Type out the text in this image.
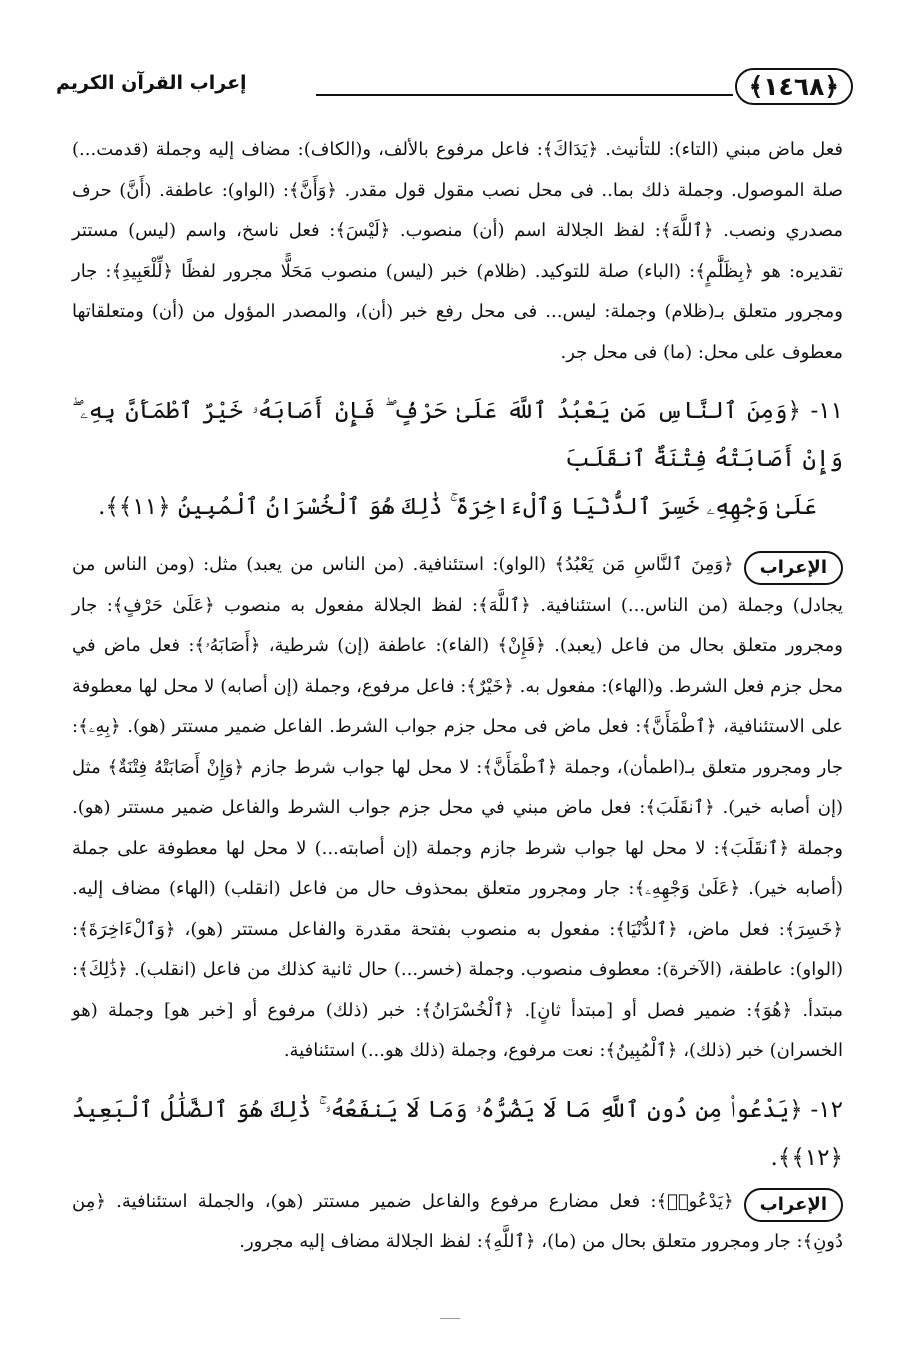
﴿١٤٦٨﴾
إعراب القرآن الكريم

فعل ماض مبني (التاء): للتأنيث. ﴿يَدَاكَ﴾: فاعل مرفوع بالألف، و(الكاف): مضاف إليه وجملة (قدمت...) صلة الموصول. وجملة ذلك بما.. فى محل نصب مقول قول مقدر. ﴿وَأَنَّ﴾: (الواو): عاطفة. (أَنَّ) حرف مصدري ونصب. ﴿ٱللَّهَ﴾: لفظ الجلالة اسم (أن) منصوب. ﴿لَيْسَ﴾: فعل ناسخ، واسم (ليس) مستتر تقديره: هو ﴿بِظَلَّٰمٍ﴾: (الباء) صلة للتوكيد. (ظلام) خبر (ليس) منصوب مَحَلًّا مجرور لفظًا ﴿لِّلْعَبِيدِ﴾: جار ومجرور متعلق بـ(ظلام) وجملة: ليس... فى محل رفع خبر (أن)، والمصدر المؤول من (أن) ومتعلقاتها معطوف على محل: (ما) فى محل جر.

١١- ﴿وَمِنَ ٱلنَّاسِ مَن يَعْبُدُ ٱللَّهَ عَلَىٰ حَرْفٍۢ ۖ فَإِنْ أَصَابَهُۥ خَيْرٌ ٱطْمَأَنَّ بِهِۦ ۖ وَإِنْ أَصَابَتْهُ فِتْنَةٌ ٱنقَلَبَ

عَلَىٰ وَجْهِهِۦ خَسِرَ ٱلدُّنْيَا وَٱلْءَاخِرَةَ ۚ ذَٰلِكَ هُوَ ٱلْخُسْرَانُ ٱلْمُبِينُ ﴿١١﴾﴾.

الإعراب
﴿وَمِنَ ٱلنَّاسِ مَن يَعْبُدُ﴾ (الواو): استئنافية. (من الناس من يعبد) مثل: (ومن الناس من يجادل) وجملة (من الناس...) استئنافية. ﴿ٱللَّهَ﴾: لفظ الجلالة مفعول به منصوب ﴿عَلَىٰ حَرْفٍ﴾: جار ومجرور متعلق بحال من فاعل (يعبد). ﴿فَإِنْ﴾ (الفاء): عاطفة (إن) شرطية، ﴿أَصَابَهُۥ﴾: فعل ماض في محل جزم فعل الشرط. و(الهاء): مفعول به. ﴿خَيْرٌ﴾: فاعل مرفوع، وجملة (إن أصابه) لا محل لها معطوفة على الاستئنافية، ﴿ٱطْمَأَنَّ﴾: فعل ماض فى محل جزم جواب الشرط. الفاعل ضمير مستتر (هو). ﴿بِهِۦ﴾: جار ومجرور متعلق بـ(اطمأن)، وجملة ﴿ٱطْمَأَنَّ﴾: لا محل لها جواب شرط جازم ﴿وَإِنْ أَصَابَتْهُ فِتْنَةٌ﴾ مثل (إن أصابه خير). ﴿ٱنقَلَبَ﴾: فعل ماض مبني في محل جزم جواب الشرط والفاعل ضمير مستتر (هو). وجملة ﴿ٱنقَلَبَ﴾: لا محل لها جواب شرط جازم وجملة (إن أصابته...) لا محل لها معطوفة على جملة (أصابه خير). ﴿عَلَىٰ وَجْهِهِۦ﴾: جار ومجرور متعلق بمحذوف حال من فاعل (انقلب) (الهاء) مضاف إليه. ﴿خَسِرَ﴾: فعل ماض، ﴿ٱلدُّنْيَا﴾: مفعول به منصوب بفتحة مقدرة والفاعل مستتر (هو)، ﴿وَٱلْءَاخِرَةَ﴾: (الواو): عاطفة، (الآخرة): معطوف منصوب. وجملة (خسر...) حال ثانية كذلك من فاعل (انقلب). ﴿ذَٰلِكَ﴾: مبتدأ. ﴿هُوَ﴾: ضمير فصل أو [مبتدأ ثانٍ]. ﴿ٱلْخُسْرَانُ﴾: خبر (ذلك) مرفوع أو [خبر هو] وجملة (هو الخسران) خبر (ذلك)، ﴿ٱلْمُبِينُ﴾: نعت مرفوع، وجملة (ذلك هو...) استئنافية.

١٢- ﴿يَدْعُوا۟ مِن دُونِ ٱللَّهِ مَا لَا يَضُرُّهُۥ وَمَا لَا يَنفَعُهُۥ ۚ ذَٰلِكَ هُوَ ٱلضَّلَٰلُ ٱلْبَعِيدُ ﴿١٢﴾﴾.

الإعراب
﴿يَدْعُوا۟﴾: فعل مضارع مرفوع والفاعل ضمير مستتر (هو)، والجملة استئنافية. ﴿مِن دُونِ﴾: جار ومجرور متعلق بحال من (ما)، ﴿ٱللَّهِ﴾: لفظ الجلالة مضاف إليه مجرور.
